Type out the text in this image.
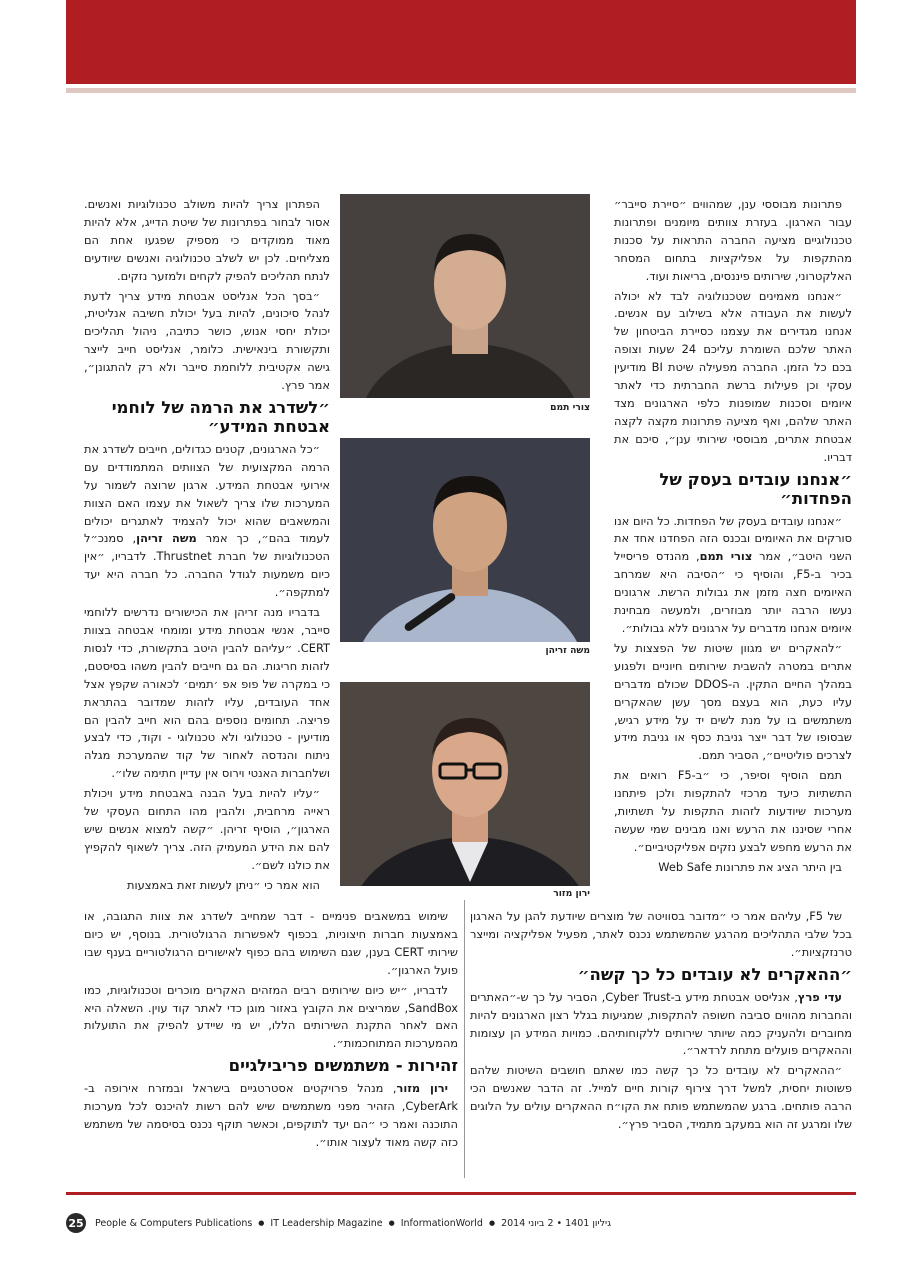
פתרונות מבוססי ענן, שמהווים ״סיירת סייבר״ עבור הארגון. בעזרת צוותים מיומנים ופתרונות טכנולוגיים מציעה החברה התראות על סכנות מהתקפות על אפליקציות בתחום המסחר האלקטרוני, שירותים פיננסים, בריאות ועוד.

״אנחנו מאמינים שטכנולוגיה לבד לא יכולה לעשות את העבודה אלא בשילוב עם אנשים. אנחנו מגדירים את עצמנו כסיירת הביטחון של האתר שלכם השומרת עליכם 24 שעות וצופה בכם כל הזמן. החברה מפעילה שיטת BI מודיעין עסקי וכן פעילות ברשת החברתית כדי לאתר איומים וסכנות שמופנות כלפי הארגונים מצד האתר שלהם, ואף מציעה פתרונות מקצה לקצה אבטחת אתרים, מבוססי שירותי ענן״, סיכם את דבריו.

״אנחנו עובדים בעסק של הפחדות״

״אנחנו עובדים בעסק של הפחדות. כל היום אנו סורקים את האיומים ובכנס הזה הפחדנו אחד את השני היטב״, אמר צורי תמם, מהנדס פריסייל בכיר ב-F5, והוסיף כי ״הסיבה היא שמרחב האיומים חצה מזמן את גבולות הרשת. ארגונים נעשו הרבה יותר מבוזרים, ולמעשה מבחינת איומים אנחנו מדברים על ארגונים ללא גבולות״.

״להאקרים יש מגוון שיטות של הפצצות על אתרים במטרה להשבית שירותים חיוניים ולפגוע במהלך החיים התקין. ה-DDOS שכולם מדברים עליו כעת, הוא בעצם מסך עשן שהאקרים משתמשים בו על מנת לשים יד על מידע רגיש, שבסופו של דבר ייצר גניבת כסף או גניבת מידע לצרכים פוליטיים״, הסביר תמם.

תמם הוסיף וסיפר, כי ״ב-F5 רואים את התשתיות כיעד מרכזי להתקפות ולכן פיתחנו מערכות שיודעות לזהות התקפות על תשתיות, אחרי שסיננו את הרעש ואנו מבינים שמי שעשה את הרעש מחפש לבצע נזקים אפליקטיביים״.

בין היתר הציג את פתרונות Web Safe

הפתרון צריך להיות משולב טכנולוגיות ואנשים. אסור לבחור בפתרונות של שיטת הדייג, אלא להיות מאוד ממוקדים כי מספיק שפגעו אחת הם מצליחים. לכן יש לשלב טכנולוגיה ואנשים שיודעים לנתח תהליכים להפיק לקחים ולמזער נזקים.

״בסך הכל אנליסט אבטחת מידע צריך לדעת לנהל סיכונים, להיות בעל יכולת חשיבה אנליטית, יכולת יחסי אנוש, כושר כתיבה, ניהול תהליכים ותקשורת בינאישית. כלומר, אנליסט חייב לייצר גישה אקטיבית ללוחמת סייבר ולא רק להתגונן״, אמר פרץ.

״לשדרג את הרמה של לוחמי אבטחת המידע״

״כל הארגונים, קטנים כגדולים, חייבים לשדרג את הרמה המקצועית של הצוותים המתמודדים עם אירועי אבטחת המידע. ארגון שרוצה לשמור על המערכות שלו צריך לשאול את עצמו האם הצוות והמשאבים שהוא יכול להצמיד לאתגרים יכולים לעמוד בהם״, כך אמר משה זריהן, סמנכ״ל הטכנולוגיות של חברת Thrustnet. לדבריו, ״אין כיום משמעות לגודל החברה. כל חברה היא יעד למתקפה״.

בדבריו מנה זריהן את הכישורים נדרשים ללוחמי סייבר, אנשי אבטחת מידע ומומחי אבטחה בצוות CERT. ״עליהם להבין היטב בתקשורת, כדי לנסות לזהות חריגות. הם גם חייבים להבין משהו בסיסטם, כי במקרה של פופ אפ ׳תמים׳ לכאורה שקפץ אצל אחד העובדים, עליו לזהות שמדובר בהתראת פריצה. תחומים נוספים בהם הוא חייב להבין הם מודיעין - טכנולוגי ולא טכנולוגי - וקוד, כדי לבצע ניתוח והנדסה לאחור של קוד שהמערכת מגלה ושלחברות האנטי וירוס אין עדיין חתימה שלו״.

״עליו להיות בעל הבנה באבטחת מידע ויכולת ראייה מרחבית, ולהבין מהו התחום העסקי של הארגון״, הוסיף זריהן. ״קשה למצוא אנשים שיש להם את הידע המעמיק הזה. צריך לשאוף להקפיץ את כולנו לשם״.

הוא אמר כי ״ניתן לעשות זאת באמצעות

צורי תמם
משה זריהן
ירון מזור

של F5, עליהם אמר כי ״מדובר בסוויטה של מוצרים שיודעת להגן על הארגון בכל שלבי התהליכים מהרגע שהמשתמש נכנס לאתר, מפעיל אפליקציה ומייצר טרנזקציות״.

״ההאקרים לא עובדים כל כך קשה״

עדי פרץ, אנליסט אבטחת מידע ב-Cyber Trust, הסביר על כך ש-״האתרים והחברות מהווים סביבה חשופה להתקפות, שמגיעות בגלל רצון הארגונים להיות מחוברים ולהעניק כמה שיותר שירותים ללקוחותיהם. כמויות המידע הן עצומות וההאקרים פועלים מתחת לרדאר״.

״ההאקרים לא עובדים כל כך קשה כמו שאתם חושבים השיטות שלהם פשוטות יחסית, למשל דרך צירוף קורות חיים למייל. זה הדבר שאנשים הכי הרבה פותחים. ברגע שהמשתמש פותח את הקו״ח ההאקרים עולים על הלוגים שלו ומרגע זה הוא במעקב מתמיד, הסביר פרץ״.

שימוש במשאבים פנימיים - דבר שמחייב לשדרג את צוות התגובה, או באמצעות חברות חיצוניות, בכפוף לאפשרות הרגולטורית. בנוסף, יש כיום שירותי CERT בענן, שגם השימוש בהם כפוף לאישורים הרגולטוריים בענף שבו פועל הארגון״.

לדבריו, ״יש כיום שירותים רבים המזהים האקרים מוכרים וטכנולוגיות, כמו SandBox, שמריצים את הקובץ באזור מוגן כדי לאתר קוד עוין. השאלה היא האם לאחר התקנת השירותים הללו, יש מי שיידע להפיק את התועלות מהמערכות המתוחכמות״.

זהירות - משתמשים פריבילגיים

ירון מזור, מנהל פרויקטים אסטרטגיים בישראל ובמזרח אירופה ב-CyberArk, הזהיר מפני משתמשים שיש להם רשות להיכנס לכל מערכות התוכנה ואמר כי ״הם יעד לתוקפים, וכאשר תוקף נכנס בסיסמה של משתמש כזה קשה מאוד לעצור אותו״.

25 People & Computers Publications ● IT Leadership Magazine ● InformationWorld ● גיליון 1401 • 2 ביוני 2014
